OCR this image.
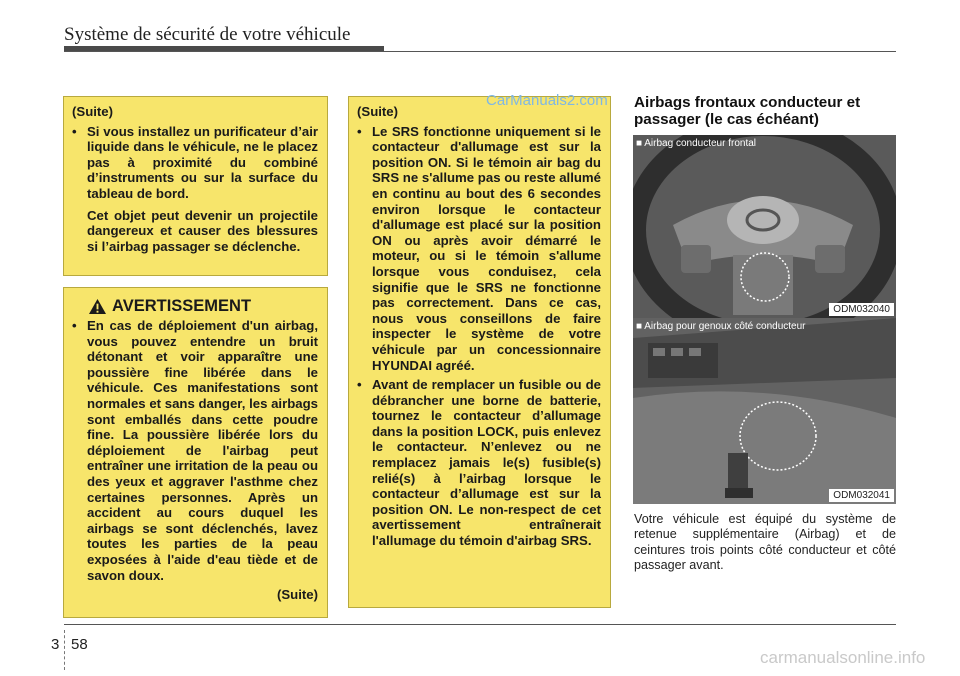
Système de sécurité de votre véhicule

(Suite)

• Si vous installez un purificateur d’air liquide dans le véhicule, ne le placez pas à proximité du combiné d’instruments ou sur la surface du tableau de bord.

Cet objet peut devenir un projectile dangereux et causer des blessures si l’airbag passager se déclenche.

AVERTISSEMENT
• En cas de déploiement d'un airbag, vous pouvez entendre un bruit détonant et voir apparaître une poussière fine libérée dans le véhicule. Ces manifestations sont normales et sans danger, les airbags sont emballés dans cette poudre fine. La poussière libérée lors du déploiement de l'airbag peut entraîner une irritation de la peau ou des yeux et aggraver l'asthme chez certaines personnes. Après un accident au cours duquel les airbags se sont déclenchés, lavez toutes les parties de la peau exposées à l'aide d'eau tiède et de savon doux.

(Suite)

(Suite)

• Le SRS fonctionne uniquement si le contacteur d'allumage est sur la position ON. Si le témoin air bag du SRS ne s'allume pas ou reste allumé en continu au bout des 6 secondes environ lorsque le contacteur d'allumage est placé sur la position ON ou après avoir démarré le moteur, ou si le témoin s'allume lorsque vous conduisez, cela signifie que le SRS ne fonctionne pas correctement. Dans ce cas, nous vous conseillons de faire inspecter le système de votre véhicule par un concessionnaire HYUNDAI agréé.
• Avant de remplacer un fusible ou de débrancher une borne de batterie, tournez le contacteur d’allumage dans la position LOCK, puis enlevez le contacteur. N’enlevez ou ne remplacez jamais le(s) fusible(s) relié(s) à l’airbag lorsque le contacteur d’allumage est sur la position ON. Le non-respect de cet avertissement entraînerait l'allumage du témoin d'airbag SRS.
CarManuals2.com Airbags frontaux conducteur et passager (le cas échéant)
■ Airbag conducteur frontal
ODM032040
■ Airbag pour genoux côté conducteur
ODM032041
Votre véhicule est équipé du système de retenue supplémentaire (Airbag) et de ceintures trois points côté conducteur et côté passager avant.
3 58
carmanualsonline.info
